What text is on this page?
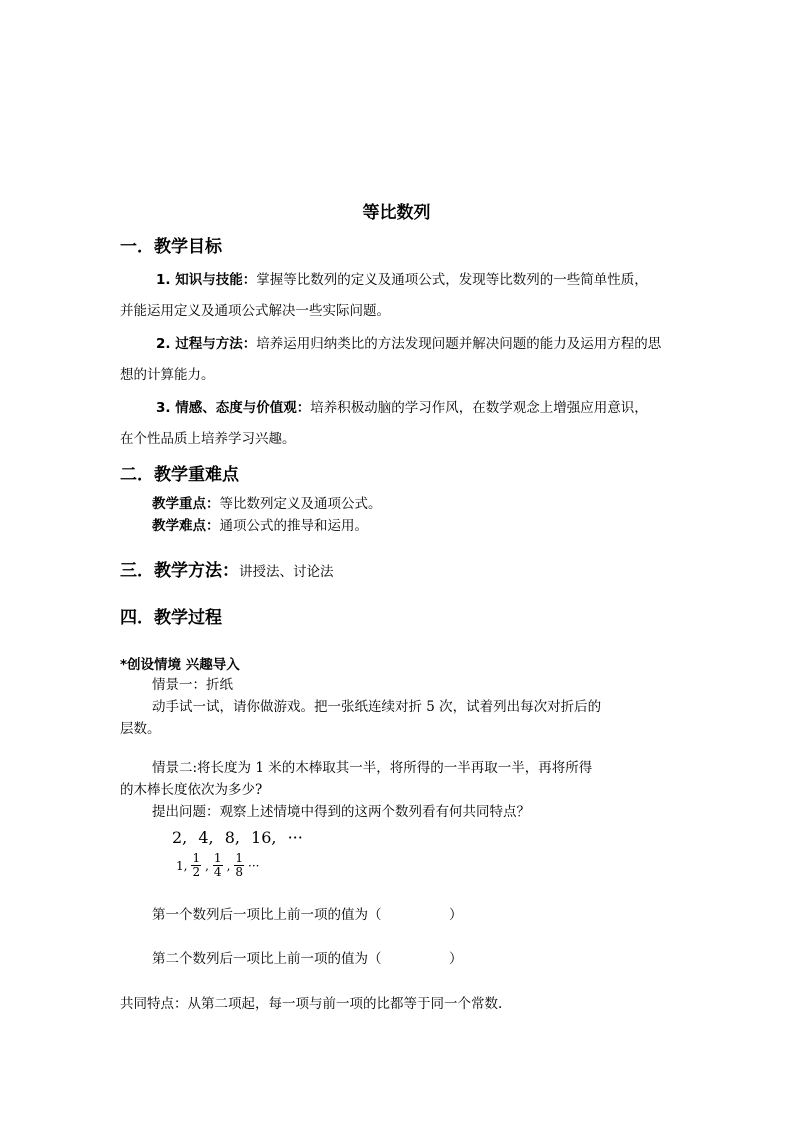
等比数列
一．教学目标
1. 知识与技能：掌握等比数列的定义及通项公式，发现等比数列的一些简单性质，
并能运用定义及通项公式解决一些实际问题。
2. 过程与方法：培养运用归纳类比的方法发现问题并解决问题的能力及运用方程的思
想的计算能力。
3. 情感、态度与价值观：培养积极动脑的学习作风，在数学观念上增强应用意识，
在个性品质上培养学习兴趣。
二．教学重难点
教学重点：等比数列定义及通项公式。
教学难点：通项公式的推导和运用。
三．教学方法：讲授法、讨论法
四．教学过程
*创设情境 兴趣导入
情景一：折纸
动手试一试，请你做游戏。把一张纸连续对折 5 次，试着列出每次对折后的
层数。
情景二:将长度为 1 米的木棒取其一半，将所得的一半再取一半，再将所得
的木棒长度依次为多少?
提出问题：观察上述情境中得到的这两个数列看有何共同特点？
2, 4, 8, 16, ···
1, $\frac{1}{2}$ , $\frac{1}{4}$ , $\frac{1}{8}$ ···
第一个数列后一项比上前一项的值为（　　　　　）
第二个数列后一项比上前一项的值为（　　　　　）
共同特点：从第二项起，每一项与前一项的比都等于同一个常数.
